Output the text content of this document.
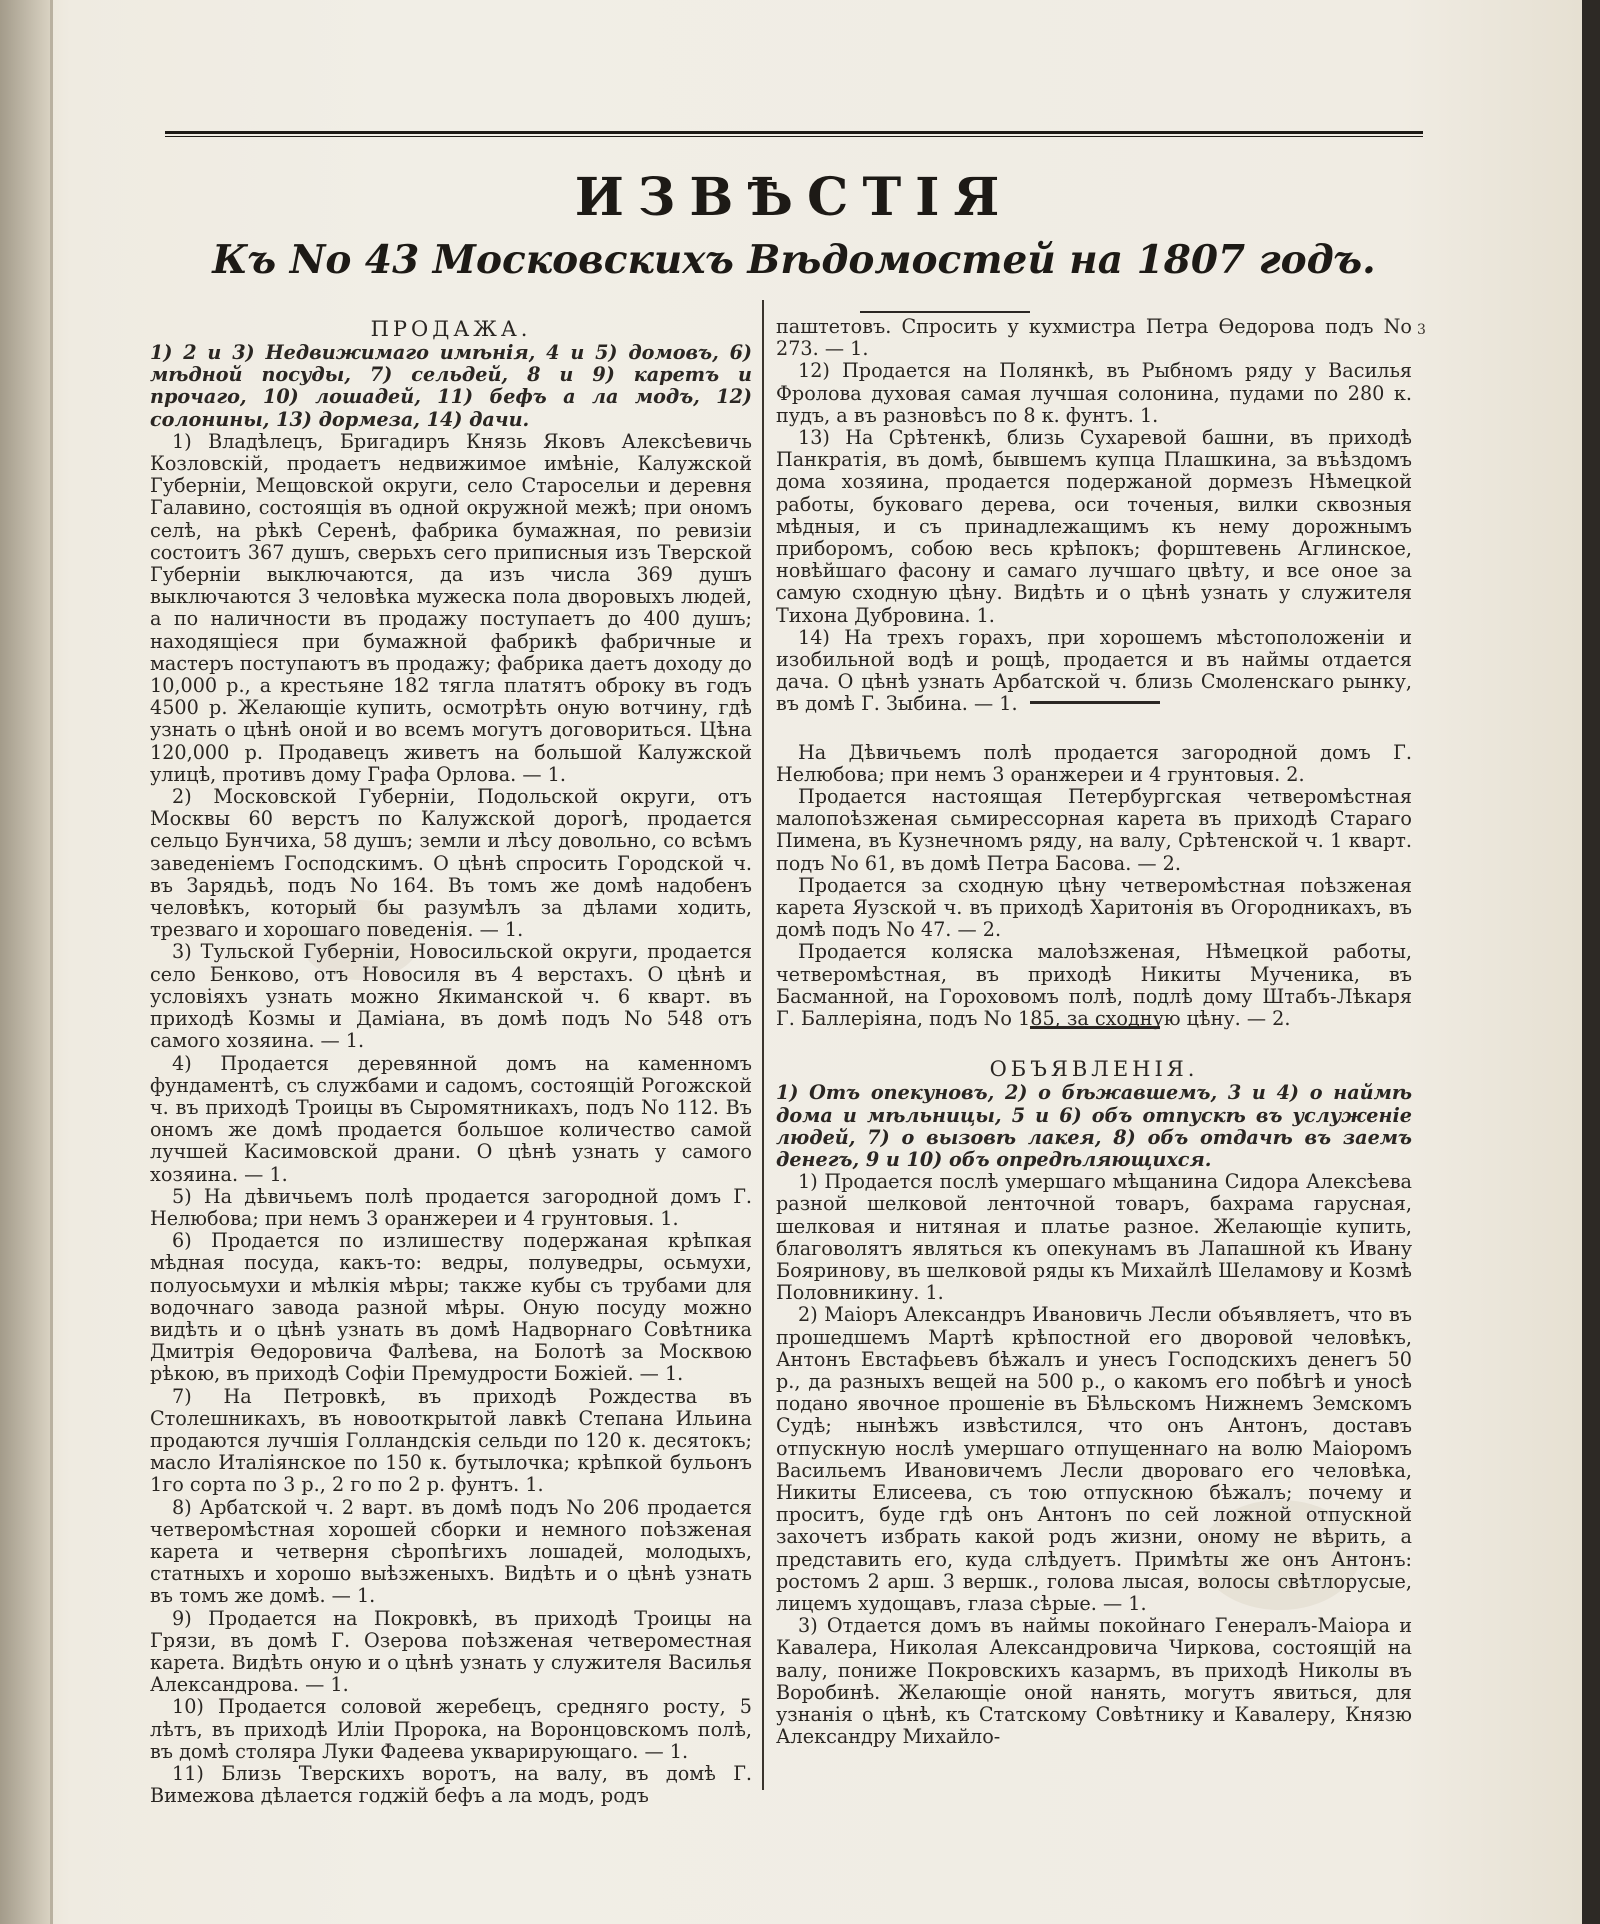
ИЗВѢСТІЯ
Къ No 43 Московскихъ Вѣдомостей на 1807 годъ.
3

ПРОДАЖА.

1) 2 и 3) Недвижимаго имѣнія, 4 и 5) домовъ, 6) мѣдной посуды, 7) сельдей, 8 и 9) каретъ и прочаго, 10) лошадей, 11) бефъ а ла модъ, 12) солонины, 13) дормеза, 14) дачи.

1) Владѣлецъ, Бригадиръ Князь Яковъ Алексѣевичь Козловскій, продаетъ недвижимое имѣніе, Калужской Губерніи, Мещовской округи, село Старосельи и деревня Галавино, состоящія въ одной окружной межѣ; при ономъ селѣ, на рѣкѣ Серенѣ, фабрика бумажная, по ревизіи состоитъ 367 душъ, сверьхъ сего приписныя изъ Тверской Губерніи выключаются, да изъ числа 369 душъ выключаются 3 человѣка мужеска пола дворовыхъ людей, а по наличности въ продажу поступаетъ до 400 душъ; находящіеся при бумажной фабрикѣ фабричные и мастеръ поступаютъ въ продажу; фабрика даетъ доходу до 10,000 р., а крестьяне 182 тягла платятъ оброку въ годъ 4500 р. Желающіе купить, осмотрѣть оную вотчину, гдѣ узнать о цѣнѣ оной и во всемъ могутъ договориться. Цѣна 120,000 р. Продавецъ живетъ на большой Калужской улицѣ, противъ дому Графа Орлова. — 1.

2) Московской Губерніи, Подольской округи, отъ Москвы 60 верстъ по Калужской дорогѣ, продается сельцо Бунчиха, 58 душъ; земли и лѣсу довольно, со всѣмъ заведеніемъ Господскимъ. О цѣнѣ спросить Городской ч. въ Зарядьѣ, подъ No 164. Въ томъ же домѣ надобенъ человѣкъ, который бы разумѣлъ за дѣлами ходить, трезваго и хорошаго поведенія. — 1.

3) Тульской Губерніи, Новосильской округи, продается село Бенково, отъ Новосиля въ 4 верстахъ. О цѣнѣ и условіяхъ узнать можно Якиманской ч. 6 кварт. въ приходѣ Козмы и Даміана, въ домѣ подъ No 548 отъ самого хозяина. — 1.

4) Продается деревянной домъ на каменномъ фундаментѣ, съ службами и садомъ, состоящій Рогожской ч. въ приходѣ Троицы въ Сыромятникахъ, подъ No 112. Въ ономъ же домѣ продается большое количество самой лучшей Касимовской драни. О цѣнѣ узнать у самого хозяина. — 1.

5) На дѣвичьемъ полѣ продается загородной домъ Г. Нелюбова; при немъ 3 оранжереи и 4 грунтовыя. 1.

6) Продается по излишеству подержаная крѣпкая мѣдная посуда, какъ-то: ведры, полуведры, осьмухи, полуосьмухи и мѣлкія мѣры; также кубы съ трубами для водочнаго завода разной мѣры. Оную посуду можно видѣть и о цѣнѣ узнать въ домѣ Надворнаго Совѣтника Дмитрія Ѳедоровича Фалѣева, на Болотѣ за Москвою рѣкою, въ приходѣ Софіи Премудрости Божіей. — 1.

7) На Петровкѣ, въ приходѣ Рождества въ Столешникахъ, въ новооткрытой лавкѣ Степана Ильина продаются лучшія Голландскія сельди по 120 к. десятокъ; масло Италіянское по 150 к. бутылочка; крѣпкой бульонъ 1го сорта по 3 р., 2 го по 2 р. фунтъ. 1.

8) Арбатской ч. 2 варт. въ домѣ подъ No 206 продается четверомѣстная хорошей сборки и немного поѣзженая карета и четверня сѣропѣгихъ лошадей, молодыхъ, статныхъ и хорошо выѣзженыхъ. Видѣть и о цѣнѣ узнать въ томъ же домѣ. — 1.

9) Продается на Покровкѣ, въ приходѣ Троицы на Грязи, въ домѣ Г. Озерова поѣзженая четвероместная карета. Видѣть оную и о цѣнѣ узнать у служителя Василья Александрова. — 1.

10) Продается соловой жеребецъ, средняго росту, 5 лѣтъ, въ приходѣ Иліи Пророка, на Воронцовскомъ полѣ, въ домѣ столяра Луки Фадеева укварирующаго. — 1.

11) Близь Тверскихъ воротъ, на валу, въ домѣ Г. Вимежова дѣлается годжій бефъ а ла модъ, родъ

паштетовъ. Спросить у кухмистра Петра Ѳедорова подъ No 273. — 1.

12) Продается на Полянкѣ, въ Рыбномъ ряду у Василья Фролова духовая самая лучшая солонина, пудами по 280 к. пудъ, а въ разновѣсъ по 8 к. фунтъ. 1.

13) На Срѣтенкѣ, близь Сухаревой башни, въ приходѣ Панкратія, въ домѣ, бывшемъ купца Плашкина, за въѣздомъ дома хозяина, продается подержаной дормезъ Нѣмецкой работы, буковаго дерева, оси точеныя, вилки сквозныя мѣдныя, и съ принадлежащимъ къ нему дорожнымъ приборомъ, собою весь крѣпокъ; форштевень Аглинское, новѣйшаго фасону и самаго лучшаго цвѣту, и все оное за самую сходную цѣну. Видѣть и о цѣнѣ узнать у служителя Тихона Дубровина. 1.

14) На трехъ горахъ, при хорошемъ мѣстоположеніи и изобильной водѣ и рощѣ, продается и въ наймы отдается дача. О цѣнѣ узнать Арбатской ч. близь Смоленскаго рынку, въ домѣ Г. Зыбина. — 1.

На Дѣвичьемъ полѣ продается загородной домъ Г. Нелюбова; при немъ 3 оранжереи и 4 грунтовыя. 2.

Продается настоящая Петербургская четверомѣстная малопоѣзженая сьмирессорная карета въ приходѣ Стараго Пимена, въ Кузнечномъ ряду, на валу, Срѣтенской ч. 1 кварт. подъ No 61, въ домѣ Петра Басова. — 2.

Продается за сходную цѣну четверомѣстная поѣзженая карета Яузской ч. въ приходѣ Харитонія въ Огородникахъ, въ домѣ подъ No 47. — 2.

Продается коляска малоѣзженая, Нѣмецкой работы, четверомѣстная, въ приходѣ Никиты Мученика, въ Басманной, на Гороховомъ полѣ, подлѣ дому Штабъ-Лѣкаря Г. Баллеріяна, подъ No 185, за сходную цѣну. — 2.

ОБЪЯВЛЕНІЯ.

1) Отъ опекуновъ, 2) о бѣжавшемъ, 3 и 4) о наймѣ дома и мѣльницы, 5 и 6) объ отпускѣ въ услуженіе людей, 7) о вызовѣ лакея, 8) объ отдачѣ въ заемъ денегъ, 9 и 10) объ опредѣляющихся.

1) Продается послѣ умершаго мѣщанина Сидора Алексѣева разной шелковой ленточной товаръ, бахрама гарусная, шелковая и нитяная и платье разное. Желающіе купить, благоволятъ являться къ опекунамъ въ Лапашной къ Ивану Бояринову, въ шелковой ряды къ Михайлѣ Шеламову и Козмѣ Половникину. 1.

2) Маіоръ Александръ Ивановичь Лесли объявляетъ, что въ прошедшемъ Мартѣ крѣпостной его дворовой человѣкъ, Антонъ Евстафьевъ бѣжалъ и унесъ Господскихъ денегъ 50 р., да разныхъ вещей на 500 р., о какомъ его побѣгѣ и уносѣ подано явочное прошеніе въ Бѣльскомъ Нижнемъ Земскомъ Судѣ; нынѣжъ извѣстился, что онъ Антонъ, доставъ отпускную нослѣ умершаго отпущеннаго на волю Маіоромъ Васильемъ Ивановичемъ Лесли двороваго его человѣка, Никиты Елисеева, съ тою отпускною бѣжалъ; почему и проситъ, буде гдѣ онъ Антонъ по сей ложной отпускной захочетъ избрать какой родъ жизни, оному не вѣрить, а представить его, куда слѣдуетъ. Примѣты же онъ Антонъ: ростомъ 2 арш. 3 вершк., голова лысая, волосы свѣтлорусые, лицемъ худощавъ, глаза сѣрые. — 1.

3) Отдается домъ въ наймы покойнаго Генералъ-Маіора и Кавалера, Николая Александровича Чиркова, состоящій на валу, пониже Покровскихъ казармъ, въ приходѣ Николы въ Воробинѣ. Желающіе оной нанять, могутъ явиться, для узнанія о цѣнѣ, къ Статскому Совѣтнику и Кавалеру, Князю Александру Михайло-
